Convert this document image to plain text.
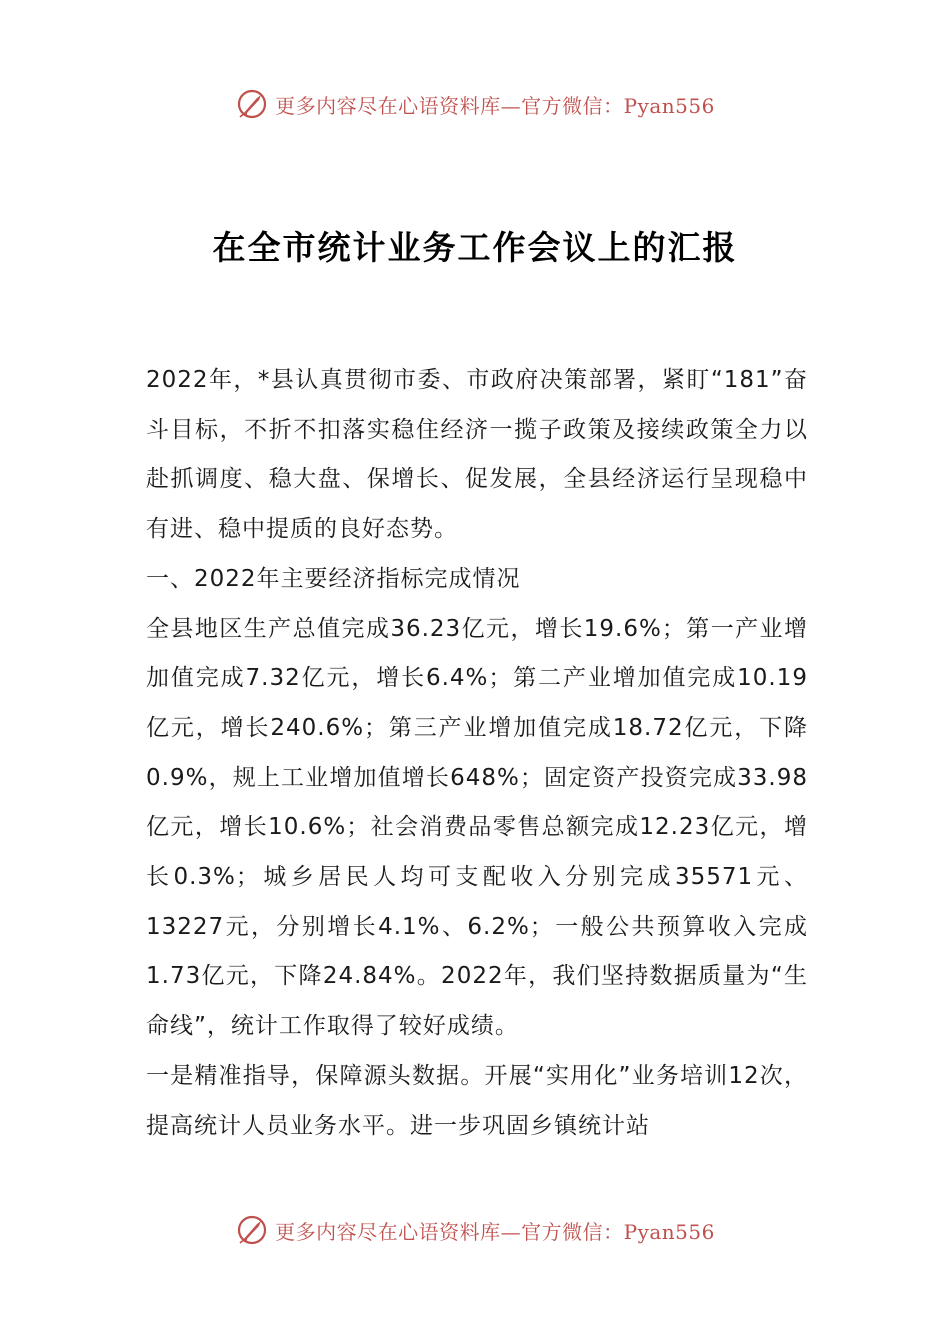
更多内容尽在心语资料库—官方微信：Pyan556
在全市统计业务工作会议上的汇报

2022年，*县认真贯彻市委、市政府决策部署，紧盯“181”奋斗目标，不折不扣落实稳住经济一揽子政策及接续政策全力以赴抓调度、稳大盘、保增长、促发展，全县经济运行呈现稳中有进、稳中提质的良好态势。

一、2022年主要经济指标完成情况

全县地区生产总值完成36.23亿元，增长19.6%；第一产业增加值完成7.32亿元，增长6.4%；第二产业增加值完成10.19亿元，增长240.6%；第三产业增加值完成18.72亿元，下降0.9%，规上工业增加值增长648%；固定资产投资完成33.98亿元，增长10.6%；社会消费品零售总额完成12.23亿元，增长0.3%；城乡居民人均可支配收入分别完成35571元、13227元，分别增长4.1%、6.2%；一般公共预算收入完成1.73亿元，下降24.84%。2022年，我们坚持数据质量为“生命线”，统计工作取得了较好成绩。

一是精准指导，保障源头数据。开展“实用化”业务培训12次，提高统计人员业务水平。进一步巩固乡镇统计站

更多内容尽在心语资料库—官方微信：Pyan556
